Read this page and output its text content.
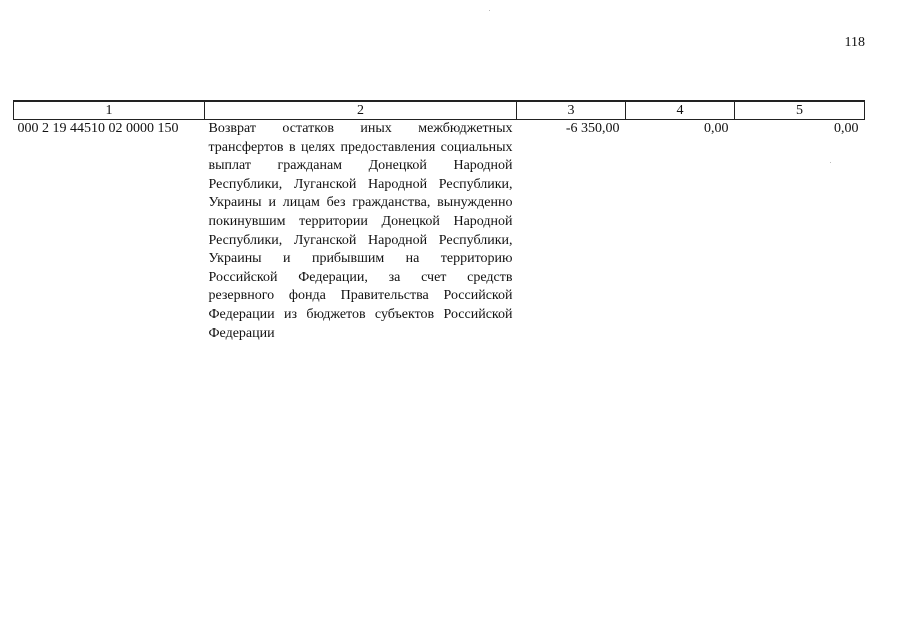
118
1	2	3	4	5
000 2 19 44510 02 0000 150	Возврат остатков иных межбюджетных трансфертов в целях предоставления социальных выплат гражданам Донецкой Народной Республики, Луганской Народной Республики, Украины и лицам без гражданства, вынужденно покинувшим территории Донецкой Народной Республики, Луганской Народной Республики, Украины и прибывшим на территорию Российской Федерации, за счет средств резервного фонда Правительства Российской Федерации из бюджетов субъектов Российской Федерации	-6 350,00	0,00	0,00
